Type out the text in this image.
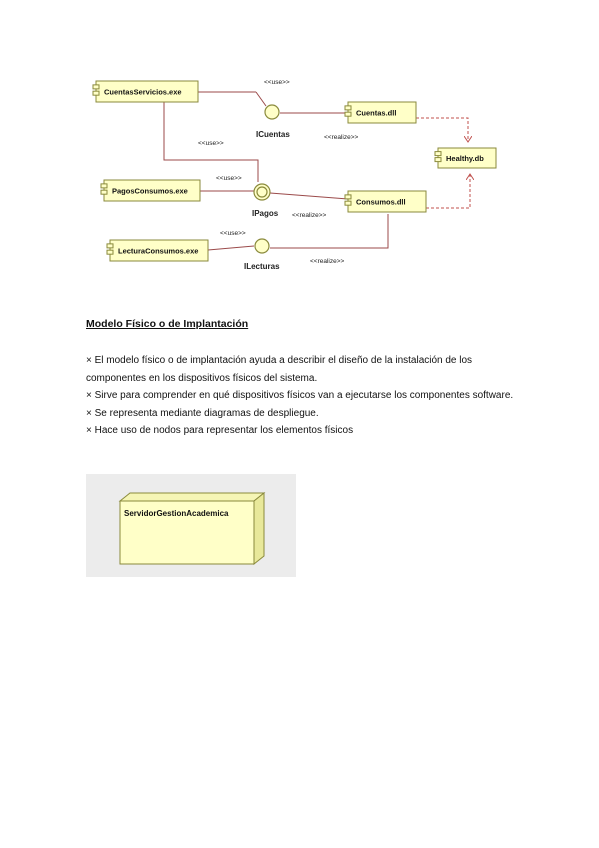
CuentasServicios.exe
PagosConsumos.exe
LecturaConsumos.exe
Cuentas.dll
Consumos.dll
Healthy.db
ICuentas
IPagos
ILecturas
<<use>>
<<use>>
<<use>>
<<use>>
<<realize>>
<<realize>>
<<realize>>
Modelo Físico o de Implantación
× El modelo físico o de implantación ayuda a describir el diseño de la instalación de los componentes en los dispositivos físicos del sistema.
× Sirve para comprender en qué dispositivos físicos van a ejecutarse los componentes software.
× Se representa mediante diagramas de despliegue.
× Hace uso de nodos para representar los elementos físicos
ServidorGestionAcademica
